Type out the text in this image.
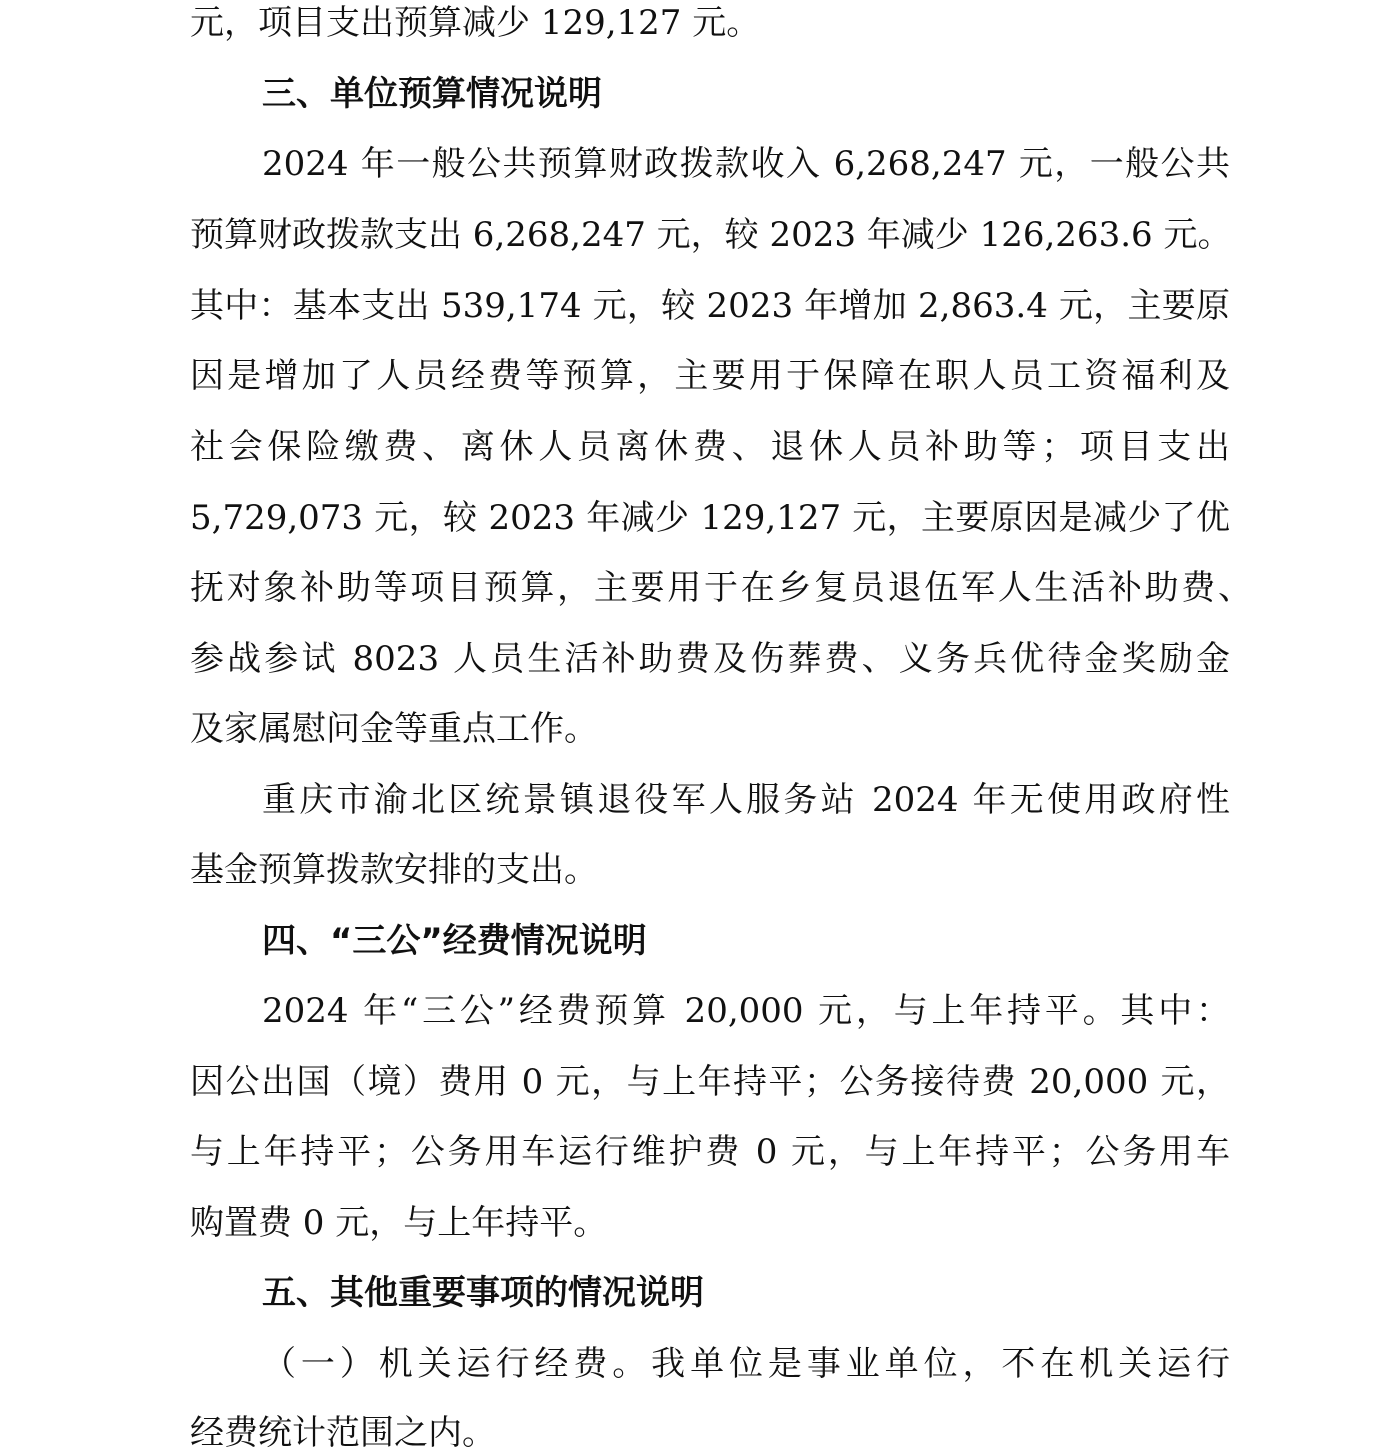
元，项目支出预算减少 129,127 元。
三、单位预算情况说明
2024 年一般公共预算财政拨款收入 6,268,247 元，一般公共
预算财政拨款支出 6,268,247 元，较 2023 年减少 126,263.6 元。
其中：基本支出 539,174 元，较 2023 年增加 2,863.4 元，主要原
因是增加了人员经费等预算，主要用于保障在职人员工资福利及
社会保险缴费、离休人员离休费、退休人员补助等；项目支出
5,729,073 元，较 2023 年减少 129,127 元，主要原因是减少了优
抚对象补助等项目预算，主要用于在乡复员退伍军人生活补助费、
参战参试 8023 人员生活补助费及伤葬费、义务兵优待金奖励金
及家属慰问金等重点工作。
重庆市渝北区统景镇退役军人服务站 2024 年无使用政府性
基金预算拨款安排的支出。
四、“三公”经费情况说明
2024 年“三公”经费预算 20,000 元，与上年持平。其中：
因公出国（境）费用 0 元，与上年持平；公务接待费 20,000 元，
与上年持平；公务用车运行维护费 0 元，与上年持平；公务用车
购置费 0 元，与上年持平。
五、其他重要事项的情况说明
（一）机关运行经费。我单位是事业单位，不在机关运行
经费统计范围之内。
